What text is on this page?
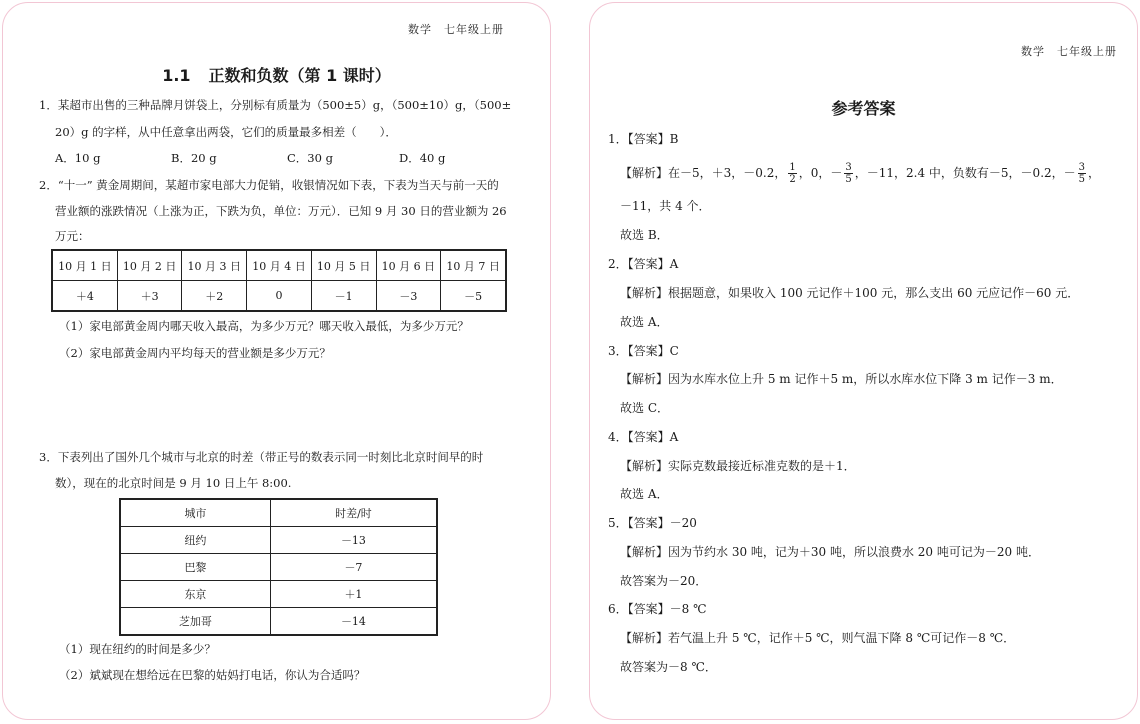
数学　七年级上册
1.1 正数和负数（第 1 课时）
1．某超市出售的三种品牌月饼袋上，分别标有质量为（500±5）g，（500±10）g，（500±
20）g 的字样，从中任意拿出两袋，它们的质量最多相差（　　）．
A．10 g	B．20 g	C．30 g	D．40 g
2．“十一” 黄金周期间，某超市家电部大力促销，收银情况如下表，下表为当天与前一天的
营业额的涨跌情况（上涨为正，下跌为负，单位：万元）．已知 9 月 30 日的营业额为 26
万元：
10 月 1 日	10 月 2 日	10 月 3 日	10 月 4 日	10 月 5 日	10 月 6 日	10 月 7 日
＋4	＋3	＋2	0	－1	－3	－5
（1）家电部黄金周内哪天收入最高，为多少万元？哪天收入最低，为多少万元？
（2）家电部黄金周内平均每天的营业额是多少万元？
3．下表列出了国外几个城市与北京的时差（带正号的数表示同一时刻比北京时间早的时
数），现在的北京时间是 9 月 10 日上午 8:00.
城市	时差/时
纽约	－13
巴黎	－7
东京	＋1
芝加哥	－14
（1）现在纽约的时间是多少？
（2）斌斌现在想给远在巴黎的姑妈打电话，你认为合适吗？
数学　七年级上册
参考答案
1．【答案】B
【解析】在－5，＋3，－0.2， $\frac{1}{2}$ ，0，－ $\frac{3}{5}$ ，－11，2.4 中，负数有－5，－0.2，－ $\frac{3}{5}$ ，
－11，共 4 个．
故选 B．
2．【答案】A
【解析】根据题意，如果收入 100 元记作＋100 元，那么支出 60 元应记作－60 元．
故选 A．
3．【答案】C
【解析】因为水库水位上升 5 m 记作＋5 m，所以水库水位下降 3 m 记作－3 m．
故选 C．
4．【答案】A
【解析】实际克数最接近标准克数的是＋1．
故选 A．
5．【答案】－20
【解析】因为节约水 30 吨，记为＋30 吨，所以浪费水 20 吨可记为－20 吨．
故答案为－20．
6．【答案】－8 ℃
【解析】若气温上升 5 ℃，记作＋5 ℃，则气温下降 8 ℃可记作－8 ℃．
故答案为－8 ℃．
